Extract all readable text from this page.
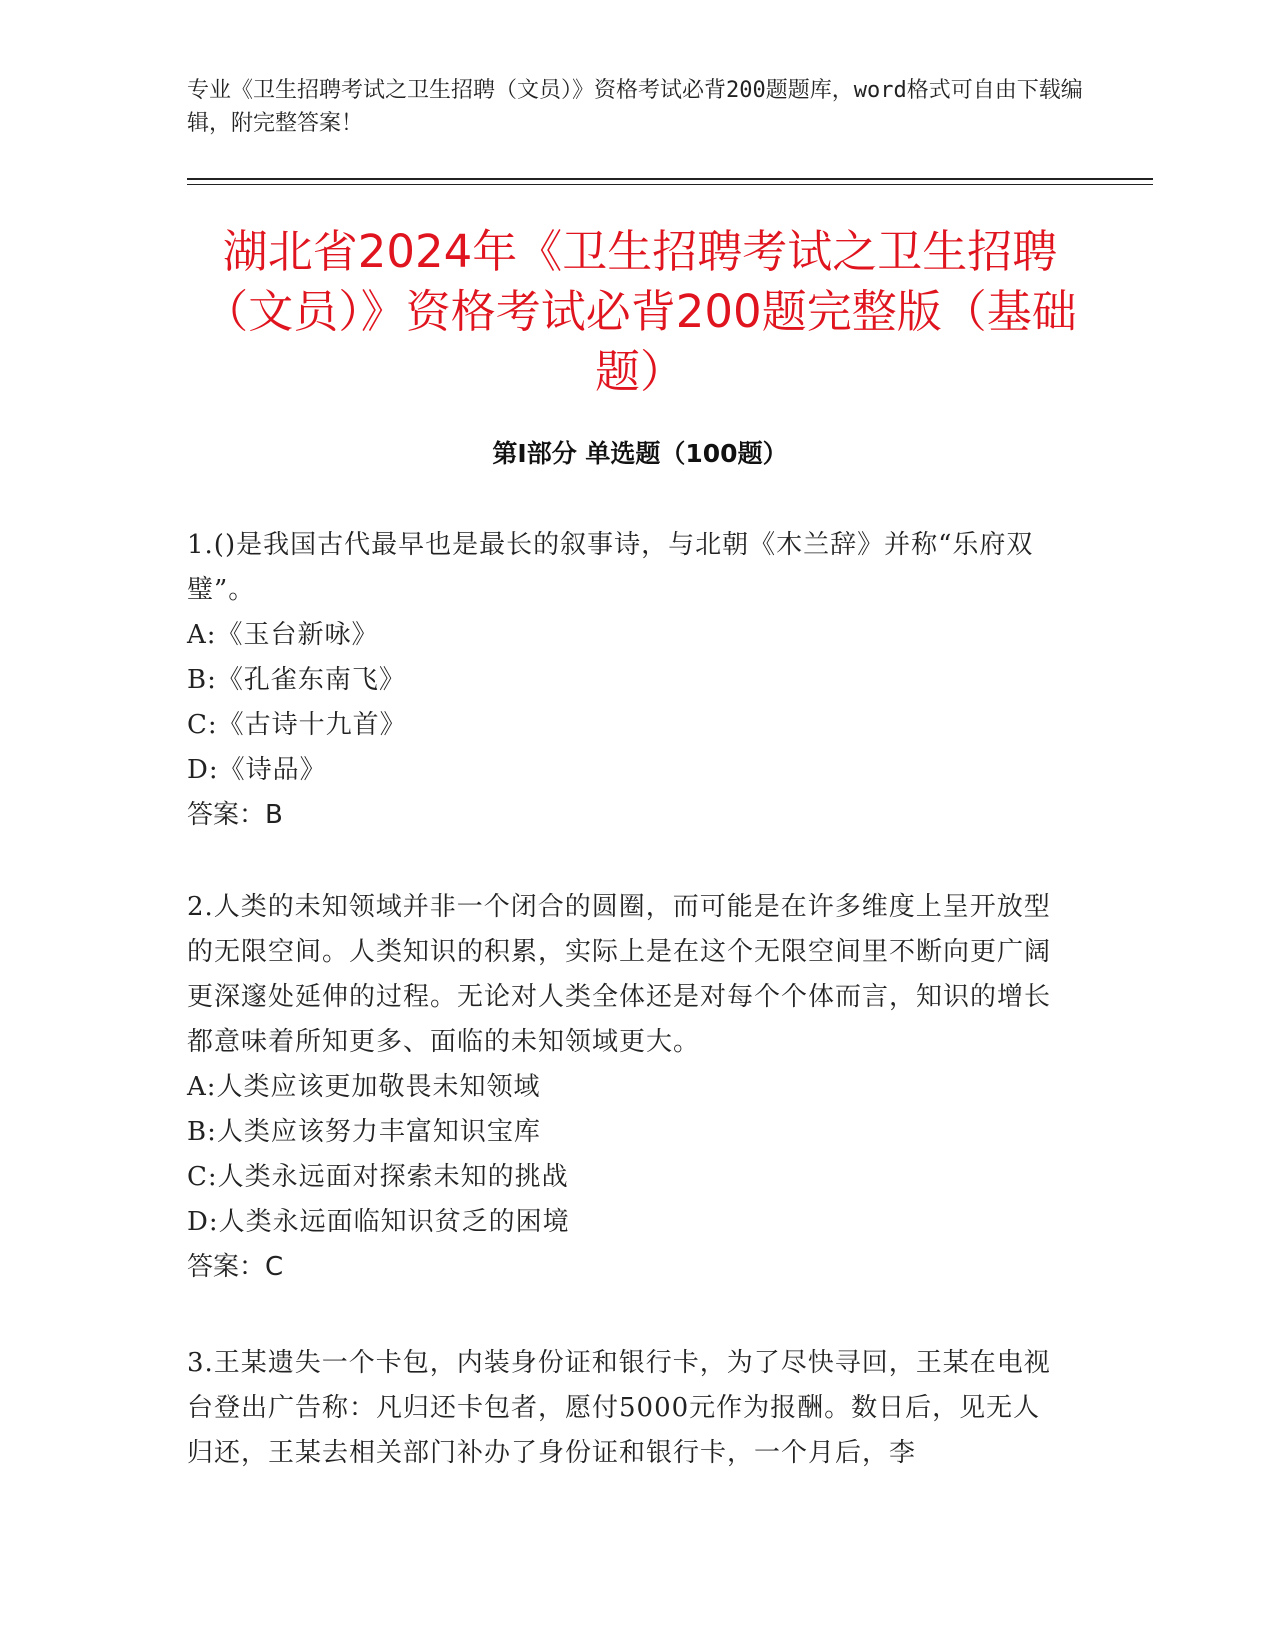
专业《卫生招聘考试之卫生招聘（文员）》资格考试必背200题题库，word格式可自由下载编辑，附完整答案！
湖北省2024年《卫生招聘考试之卫生招聘（文员）》资格考试必背200题完整版（基础题）
第Ⅰ部分 单选题（100题）

1.()是我国古代最早也是最长的叙事诗，与北朝《木兰辞》并称“乐府双璧”。

A:《玉台新咏》

B:《孔雀东南飞》

C:《古诗十九首》

D:《诗品》

答案：B

2.人类的未知领域并非一个闭合的圆圈，而可能是在许多维度上呈开放型的无限空间。人类知识的积累，实际上是在这个无限空间里不断向更广阔更深邃处延伸的过程。无论对人类全体还是对每个个体而言，知识的增长都意味着所知更多、面临的未知领域更大。

A:人类应该更加敬畏未知领域

B:人类应该努力丰富知识宝库

C:人类永远面对探索未知的挑战

D:人类永远面临知识贫乏的困境

答案：C

3.王某遗失一个卡包，内装身份证和银行卡，为了尽快寻回，王某在电视台登出广告称：凡归还卡包者，愿付5000元作为报酬。数日后，见无人归还，王某去相关部门补办了身份证和银行卡，一个月后，李
